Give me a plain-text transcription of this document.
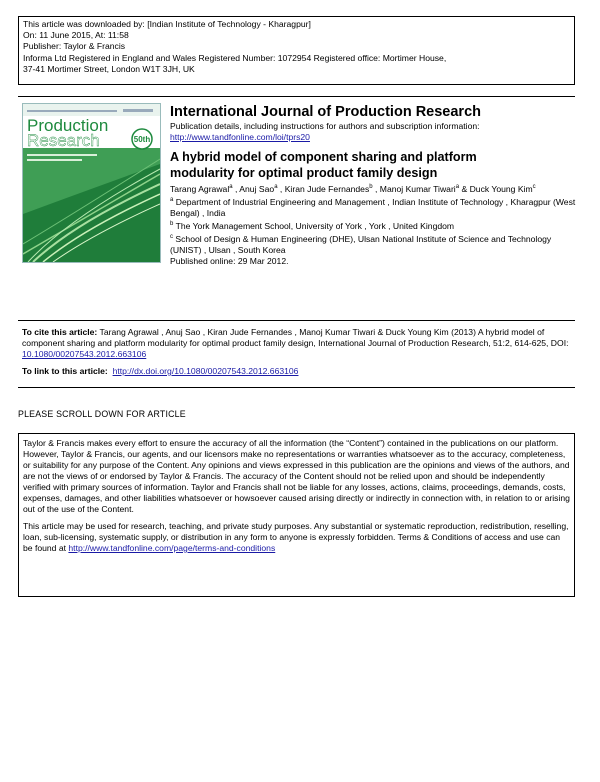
This article was downloaded by: [Indian Institute of Technology - Kharagpur]
On: 11 June 2015, At: 11:58
Publisher: Taylor & Francis
Informa Ltd Registered in England and Wales Registered Number: 1072954 Registered office: Mortimer House,
37-41 Mortimer Street, London W1T 3JH, UK
Production
Research	50th
International Journal of Production Research
Publication details, including instructions for authors and subscription information:
http://www.tandfonline.com/loi/tprs20
A hybrid model of component sharing and platform
modularity for optimal product family design
Tarang Agrawal$^a$ , Anuj Sao$^a$ , Kiran Jude Fernandes$^b$ , Manoj Kumar Tiwari$^a$ & Duck Young Kim$^c$
$^a$ Department of Industrial Engineering and Management , Indian Institute of Technology , Kharagpur (West Bengal) , India
$^b$ The York Management School, University of York , York , United Kingdom
$^c$ School of Design & Human Engineering (DHE), Ulsan National Institute of Science and Technology (UNIST) , Ulsan , South Korea
Published online: 29 Mar 2012.

To cite this article: Tarang Agrawal , Anuj Sao , Kiran Jude Fernandes , Manoj Kumar Tiwari & Duck Young Kim (2013) A hybrid model of component sharing and platform modularity for optimal product family design, International Journal of Production Research, 51:2, 614-625, DOI: 10.1080/00207543.2012.663106

To link to this article: http://dx.doi.org/10.1080/00207543.2012.663106

PLEASE SCROLL DOWN FOR ARTICLE

Taylor & Francis makes every effort to ensure the accuracy of all the information (the “Content”) contained in the publications on our platform. However, Taylor & Francis, our agents, and our licensors make no representations or warranties whatsoever as to the accuracy, completeness, or suitability for any purpose of the Content. Any opinions and views expressed in this publication are the opinions and views of the authors, and are not the views of or endorsed by Taylor & Francis. The accuracy of the Content should not be relied upon and should be independently verified with primary sources of information. Taylor and Francis shall not be liable for any losses, actions, claims, proceedings, demands, costs, expenses, damages, and other liabilities whatsoever or howsoever caused arising directly or indirectly in connection with, in relation to or arising out of the use of the Content.

This article may be used for research, teaching, and private study purposes. Any substantial or systematic reproduction, redistribution, reselling, loan, sub-licensing, systematic supply, or distribution in any form to anyone is expressly forbidden. Terms & Conditions of access and use can be found at http://www.tandfonline.com/page/terms-and-conditions
